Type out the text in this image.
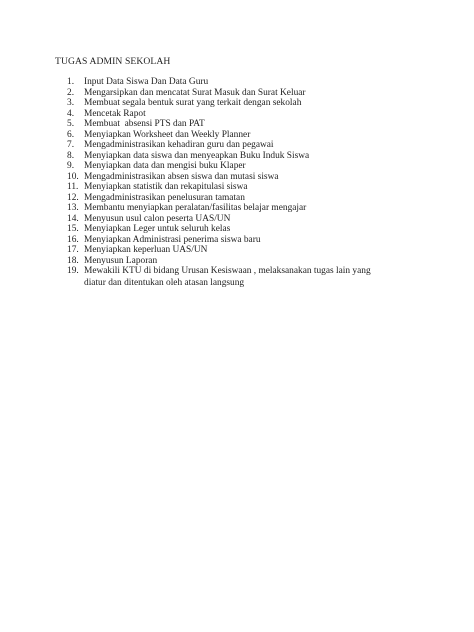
TUGAS ADMIN SEKOLAH
1.	Input Data Siswa Dan Data Guru
2.	Mengarsipkan dan mencatat Surat Masuk dan Surat Keluar
3.	Membuat segala bentuk surat yang terkait dengan sekolah
4.	Mencetak Rapot
5.	Membuat  absensi PTS dan PAT
6.	Menyiapkan Worksheet dan Weekly Planner
7.	Mengadministrasikan kehadiran guru dan pegawai
8.	Menyiapkan data siswa dan menyeapkan Buku Induk Siswa
9.	Menyiapkan data dan mengisi buku Klaper
10. Mengadministrasikan absen siswa dan mutasi siswa
11. Menyiapkan statistik dan rekapitulasi siswa
12. Mengadministrasikan penelusuran tamatan
13. Membantu menyiapkan peralatan/fasilitas belajar mengajar
14. Menyusun usul calon peserta UAS/UN
15. Menyiapkan Leger untuk seluruh kelas
16. Menyiapkan Administrasi penerima siswa baru
17. Menyiapkan keperluan UAS/UN
18. Menyusun Laporan
19. Mewakili KTU di bidang Urusan Kesiswaan , melaksanakan tugas lain yang diatur dan ditentukan oleh atasan langsung
